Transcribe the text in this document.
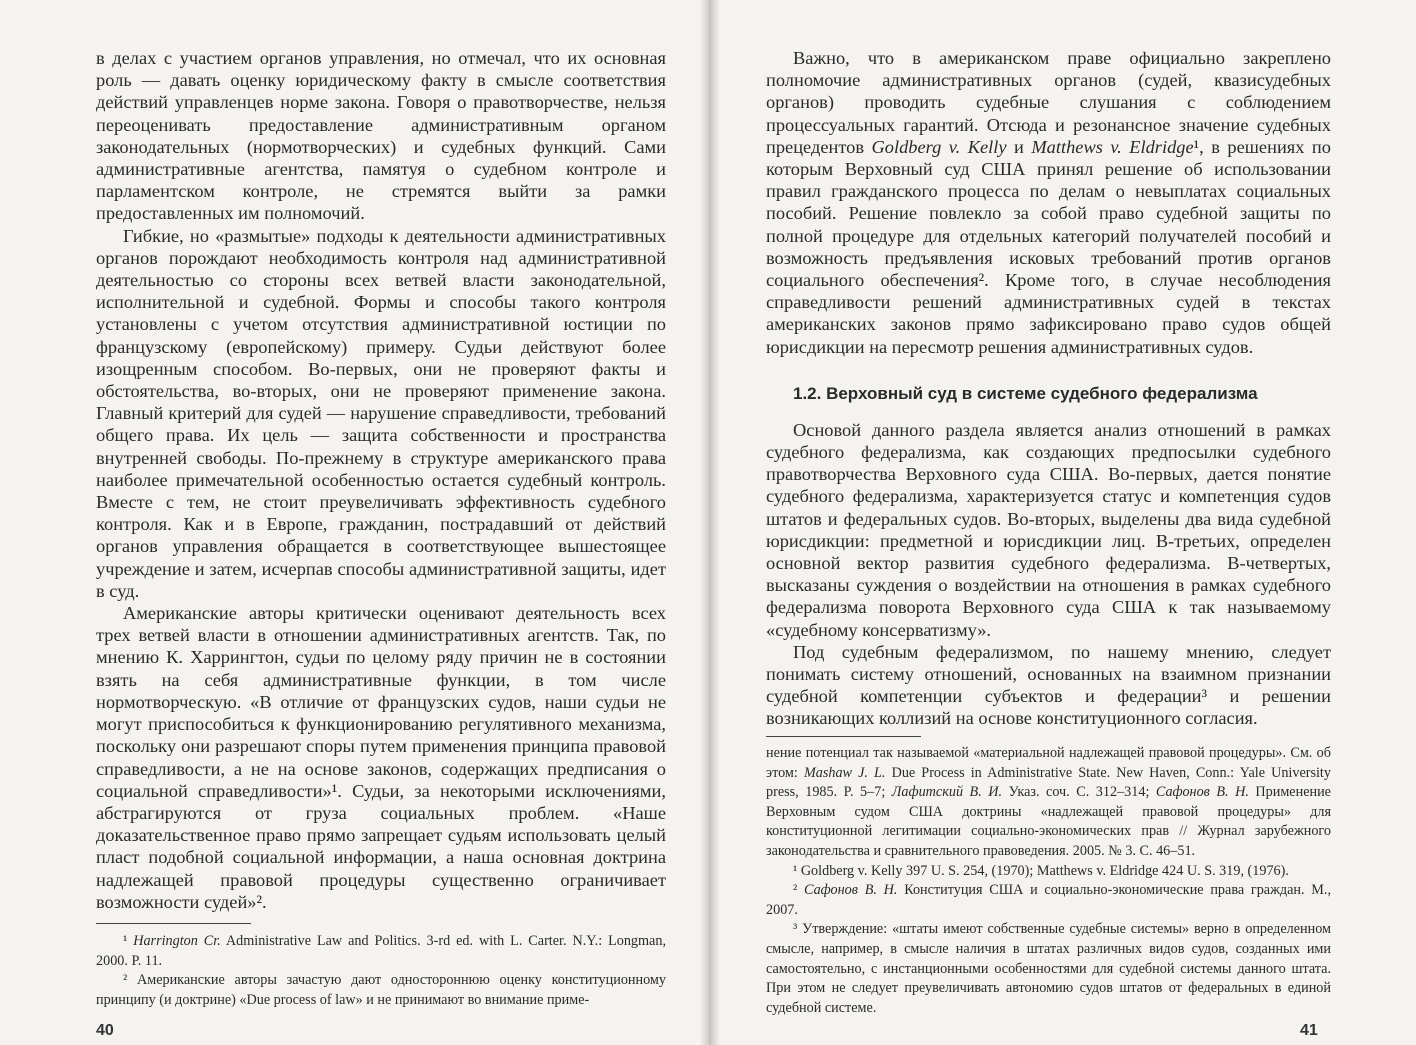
в делах с участием органов управления, но отмечал, что их основная роль — давать оценку юридическому факту в смысле соответствия действий управленцев норме закона. Говоря о правотворчестве, нельзя переоценивать предоставление административным органом законодательных (нормотворческих) и судебных функций. Сами административные агентства, памятуя о судебном контроле и парламентском контроле, не стремятся выйти за рамки предоставленных им полномочий.

Гибкие, но «размытые» подходы к деятельности административных органов порождают необходимость контроля над административной деятельностью со стороны всех ветвей власти законодательной, исполнительной и судебной. Формы и способы такого контроля установлены с учетом отсутствия административной юстиции по французскому (европейскому) примеру. Судьи действуют более изощренным способом. Во-первых, они не проверяют факты и обстоятельства, во-вторых, они не проверяют применение закона. Главный критерий для судей — нарушение справедливости, требований общего права. Их цель — защита собственности и пространства внутренней свободы. По-прежнему в структуре американского права наиболее примечательной особенностью остается судебный контроль. Вместе с тем, не стоит преувеличивать эффективность судебного контроля. Как и в Европе, гражданин, пострадавший от действий органов управления обращается в соответствующее вышестоящее учреждение и затем, исчерпав способы административной защиты, идет в суд.

Американские авторы критически оценивают деятельность всех трех ветвей власти в отношении административных агентств. Так, по мнению К. Харрингтон, судьи по целому ряду причин не в состоянии взять на себя административные функции, в том числе нормотворческую. «В отличие от французских судов, наши судьи не могут приспособиться к функционированию регулятивного механизма, поскольку они разрешают споры путем применения принципа правовой справедливости, а не на основе законов, содержащих предписания о социальной справедливости»¹. Судьи, за некоторыми исключениями, абстрагируются от груза социальных проблем. «Наше доказательственное право прямо запрещает судьям использовать целый пласт подобной социальной информации, а наша основная доктрина надлежащей правовой процедуры существенно ограничивает возможности судей»².

¹ Harrington Cr. Administrative Law and Politics. 3-rd ed. with L. Carter. N.Y.: Longman, 2000. P. 11.

² Американские авторы зачастую дают одностороннюю оценку конституционному принципу (и доктрине) «Due process of law» и не принимают во внимание приме-

40

Важно, что в американском праве официально закреплено полномочие административных органов (судей, квазисудебных органов) проводить судебные слушания с соблюдением процессуальных гарантий. Отсюда и резонансное значение судебных прецедентов Goldberg v. Kelly и Matthews v. Eldridge¹, в решениях по которым Верховный суд США принял решение об использовании правил гражданского процесса по делам о невыплатах социальных пособий. Решение повлекло за собой право судебной защиты по полной процедуре для отдельных категорий получателей пособий и возможность предъявления исковых требований против органов социального обеспечения². Кроме того, в случае несоблюдения справедливости решений административных судей в текстах американских законов прямо зафиксировано право судов общей юрисдикции на пересмотр решения административных судов.

1.2. Верховный суд в системе судебного федерализма

Основой данного раздела является анализ отношений в рамках судебного федерализма, как создающих предпосылки судебного правотворчества Верховного суда США. Во-первых, дается понятие судебного федерализма, характеризуется статус и компетенция судов штатов и федеральных судов. Во-вторых, выделены два вида судебной юрисдикции: предметной и юрисдикции лиц. В-третьих, определен основной вектор развития судебного федерализма. В-четвертых, высказаны суждения о воздействии на отношения в рамках судебного федерализма поворота Верховного суда США к так называемому «судебному консерватизму».

Под судебным федерализмом, по нашему мнению, следует понимать систему отношений, основанных на взаимном признании судебной компетенции субъектов и федерации³ и решении возникающих коллизий на основе конституционного согласия.

нение потенциал так называемой «материальной надлежащей правовой процедуры». См. об этом: Mashaw J. L. Due Process in Administrative State. New Haven, Conn.: Yale University press, 1985. P. 5–7; Лафитский В. И. Указ. соч. С. 312–314; Сафонов В. Н. Применение Верховным судом США доктрины «надлежащей правовой процедуры» для конституционной легитимации социально-экономических прав // Журнал зарубежного законодательства и сравнительного правоведения. 2005. № 3. С. 46–51.

¹ Goldberg v. Kelly 397 U. S. 254, (1970); Matthews v. Eldridge 424 U. S. 319, (1976).

² Сафонов В. Н. Конституция США и социально-экономические права граждан. М., 2007.

³ Утверждение: «штаты имеют собственные судебные системы» верно в определенном смысле, например, в смысле наличия в штатах различных видов судов, созданных ими самостоятельно, с инстанционными особенностями для судебной системы данного штата. При этом не следует преувеличивать автономию судов штатов от федеральных в единой судебной системе.

41
